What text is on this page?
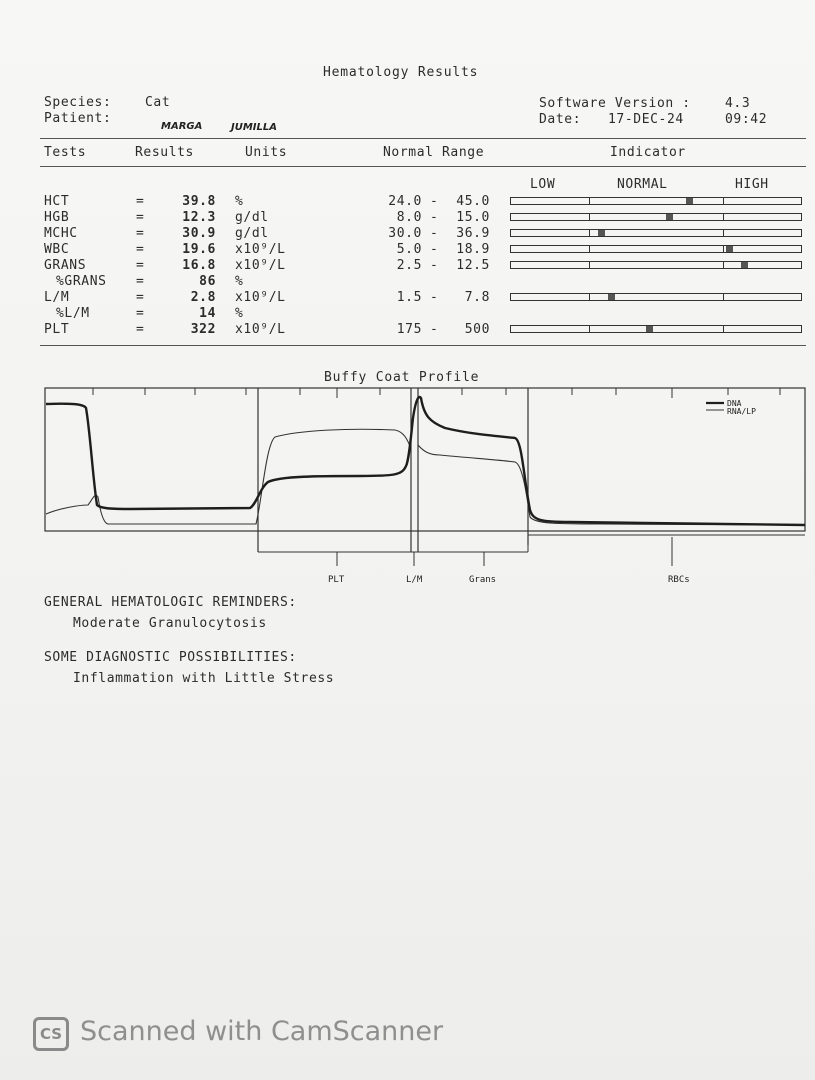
Hematology Results
Species:	Cat
Patient:
MARGA	JUMILLA
Software Version :	4.3
Date: 17-DEC-24	09:42
Tests	Results	Units	Normal Range	Indicator
LOW	NORMAL	HIGH
HCT	=	39.8 %	24.0 -	45.0
HGB	=	12.3 g/dl	8.0 -	15.0
MCHC	=	30.9 g/dl	30.0 -	36.9
WBC	=	19.6 x10⁹/L	5.0 -	18.9
GRANS	=	16.8 x10⁹/L	2.5 -	12.5
%GRANS =	86 %
L/M	=	2.8 x10⁹/L	1.5 -	7.8
%L/M	=	14 %
PLT	=	322 x10⁹/L	175 -	500
Buffy Coat Profile
DNA
RNA/LP
PLT	L/M	Grans	RBCs
GENERAL HEMATOLOGIC REMINDERS:
Moderate Granulocytosis
SOME DIAGNOSTIC POSSIBILITIES:
Inflammation with Little Stress
CS Scanned with CamScanner
